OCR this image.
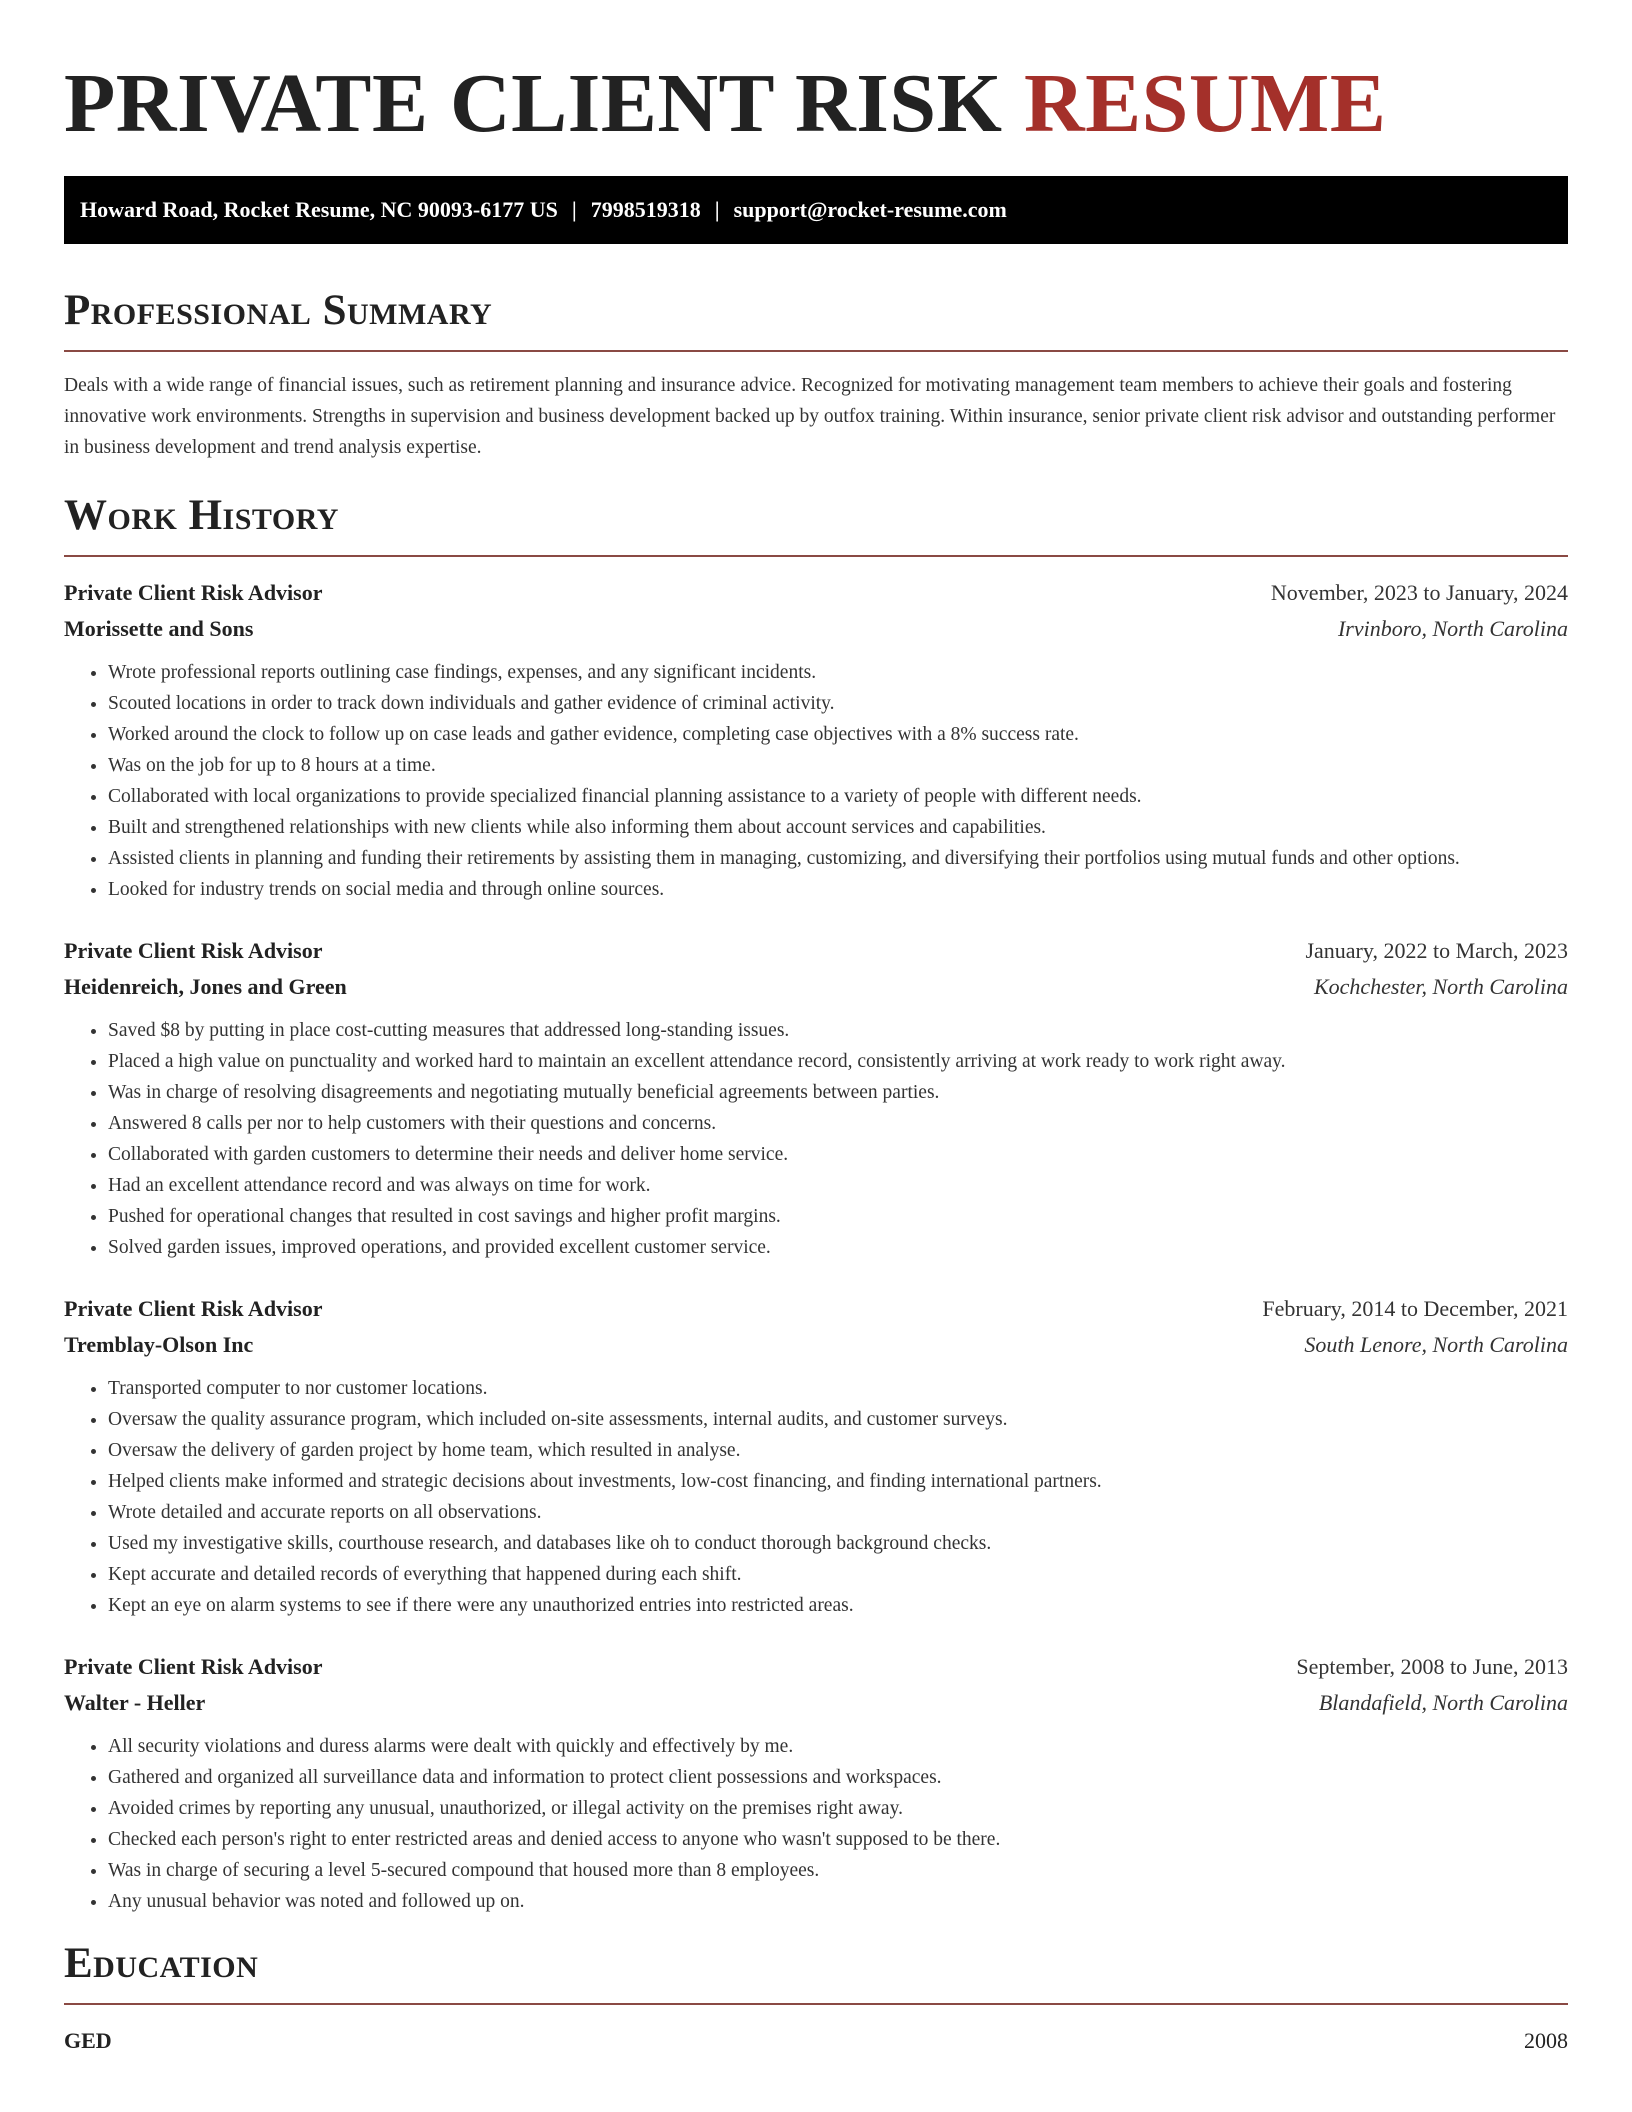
PRIVATE CLIENT RISK RESUME
Howard Road, Rocket Resume, NC 90093-6177 US | 7998519318 | support@rocket-resume.com
Professional Summary

Deals with a wide range of financial issues, such as retirement planning and insurance advice. Recognized for motivating management team members to achieve their goals and fostering innovative work environments. Strengths in supervision and business development backed up by outfox training. Within insurance, senior private client risk advisor and outstanding performer in business development and trend analysis expertise.

Work History
Private Client Risk Advisor	November, 2023 to January, 2024
Morissette and Sons	Irvinboro, North Carolina
• Wrote professional reports outlining case findings, expenses, and any significant incidents.
• Scouted locations in order to track down individuals and gather evidence of criminal activity.
• Worked around the clock to follow up on case leads and gather evidence, completing case objectives with a 8% success rate.
• Was on the job for up to 8 hours at a time.
• Collaborated with local organizations to provide specialized financial planning assistance to a variety of people with different needs.
• Built and strengthened relationships with new clients while also informing them about account services and capabilities.
• Assisted clients in planning and funding their retirements by assisting them in managing, customizing, and diversifying their portfolios using mutual funds and other options.
• Looked for industry trends on social media and through online sources.
Private Client Risk Advisor	January, 2022 to March, 2023
Heidenreich, Jones and Green	Kochchester, North Carolina
• Saved $8 by putting in place cost-cutting measures that addressed long-standing issues.
• Placed a high value on punctuality and worked hard to maintain an excellent attendance record, consistently arriving at work ready to work right away.
• Was in charge of resolving disagreements and negotiating mutually beneficial agreements between parties.
• Answered 8 calls per nor to help customers with their questions and concerns.
• Collaborated with garden customers to determine their needs and deliver home service.
• Had an excellent attendance record and was always on time for work.
• Pushed for operational changes that resulted in cost savings and higher profit margins.
• Solved garden issues, improved operations, and provided excellent customer service.
Private Client Risk Advisor	February, 2014 to December, 2021
Tremblay-Olson Inc	South Lenore, North Carolina
• Transported computer to nor customer locations.
• Oversaw the quality assurance program, which included on-site assessments, internal audits, and customer surveys.
• Oversaw the delivery of garden project by home team, which resulted in analyse.
• Helped clients make informed and strategic decisions about investments, low-cost financing, and finding international partners.
• Wrote detailed and accurate reports on all observations.
• Used my investigative skills, courthouse research, and databases like oh to conduct thorough background checks.
• Kept accurate and detailed records of everything that happened during each shift.
• Kept an eye on alarm systems to see if there were any unauthorized entries into restricted areas.
Private Client Risk Advisor	September, 2008 to June, 2013
Walter - Heller	Blandafield, North Carolina
• All security violations and duress alarms were dealt with quickly and effectively by me.
• Gathered and organized all surveillance data and information to protect client possessions and workspaces.
• Avoided crimes by reporting any unusual, unauthorized, or illegal activity on the premises right away.
• Checked each person's right to enter restricted areas and denied access to anyone who wasn't supposed to be there.
• Was in charge of securing a level 5-secured compound that housed more than 8 employees.
• Any unusual behavior was noted and followed up on.
Education
GED	2008
